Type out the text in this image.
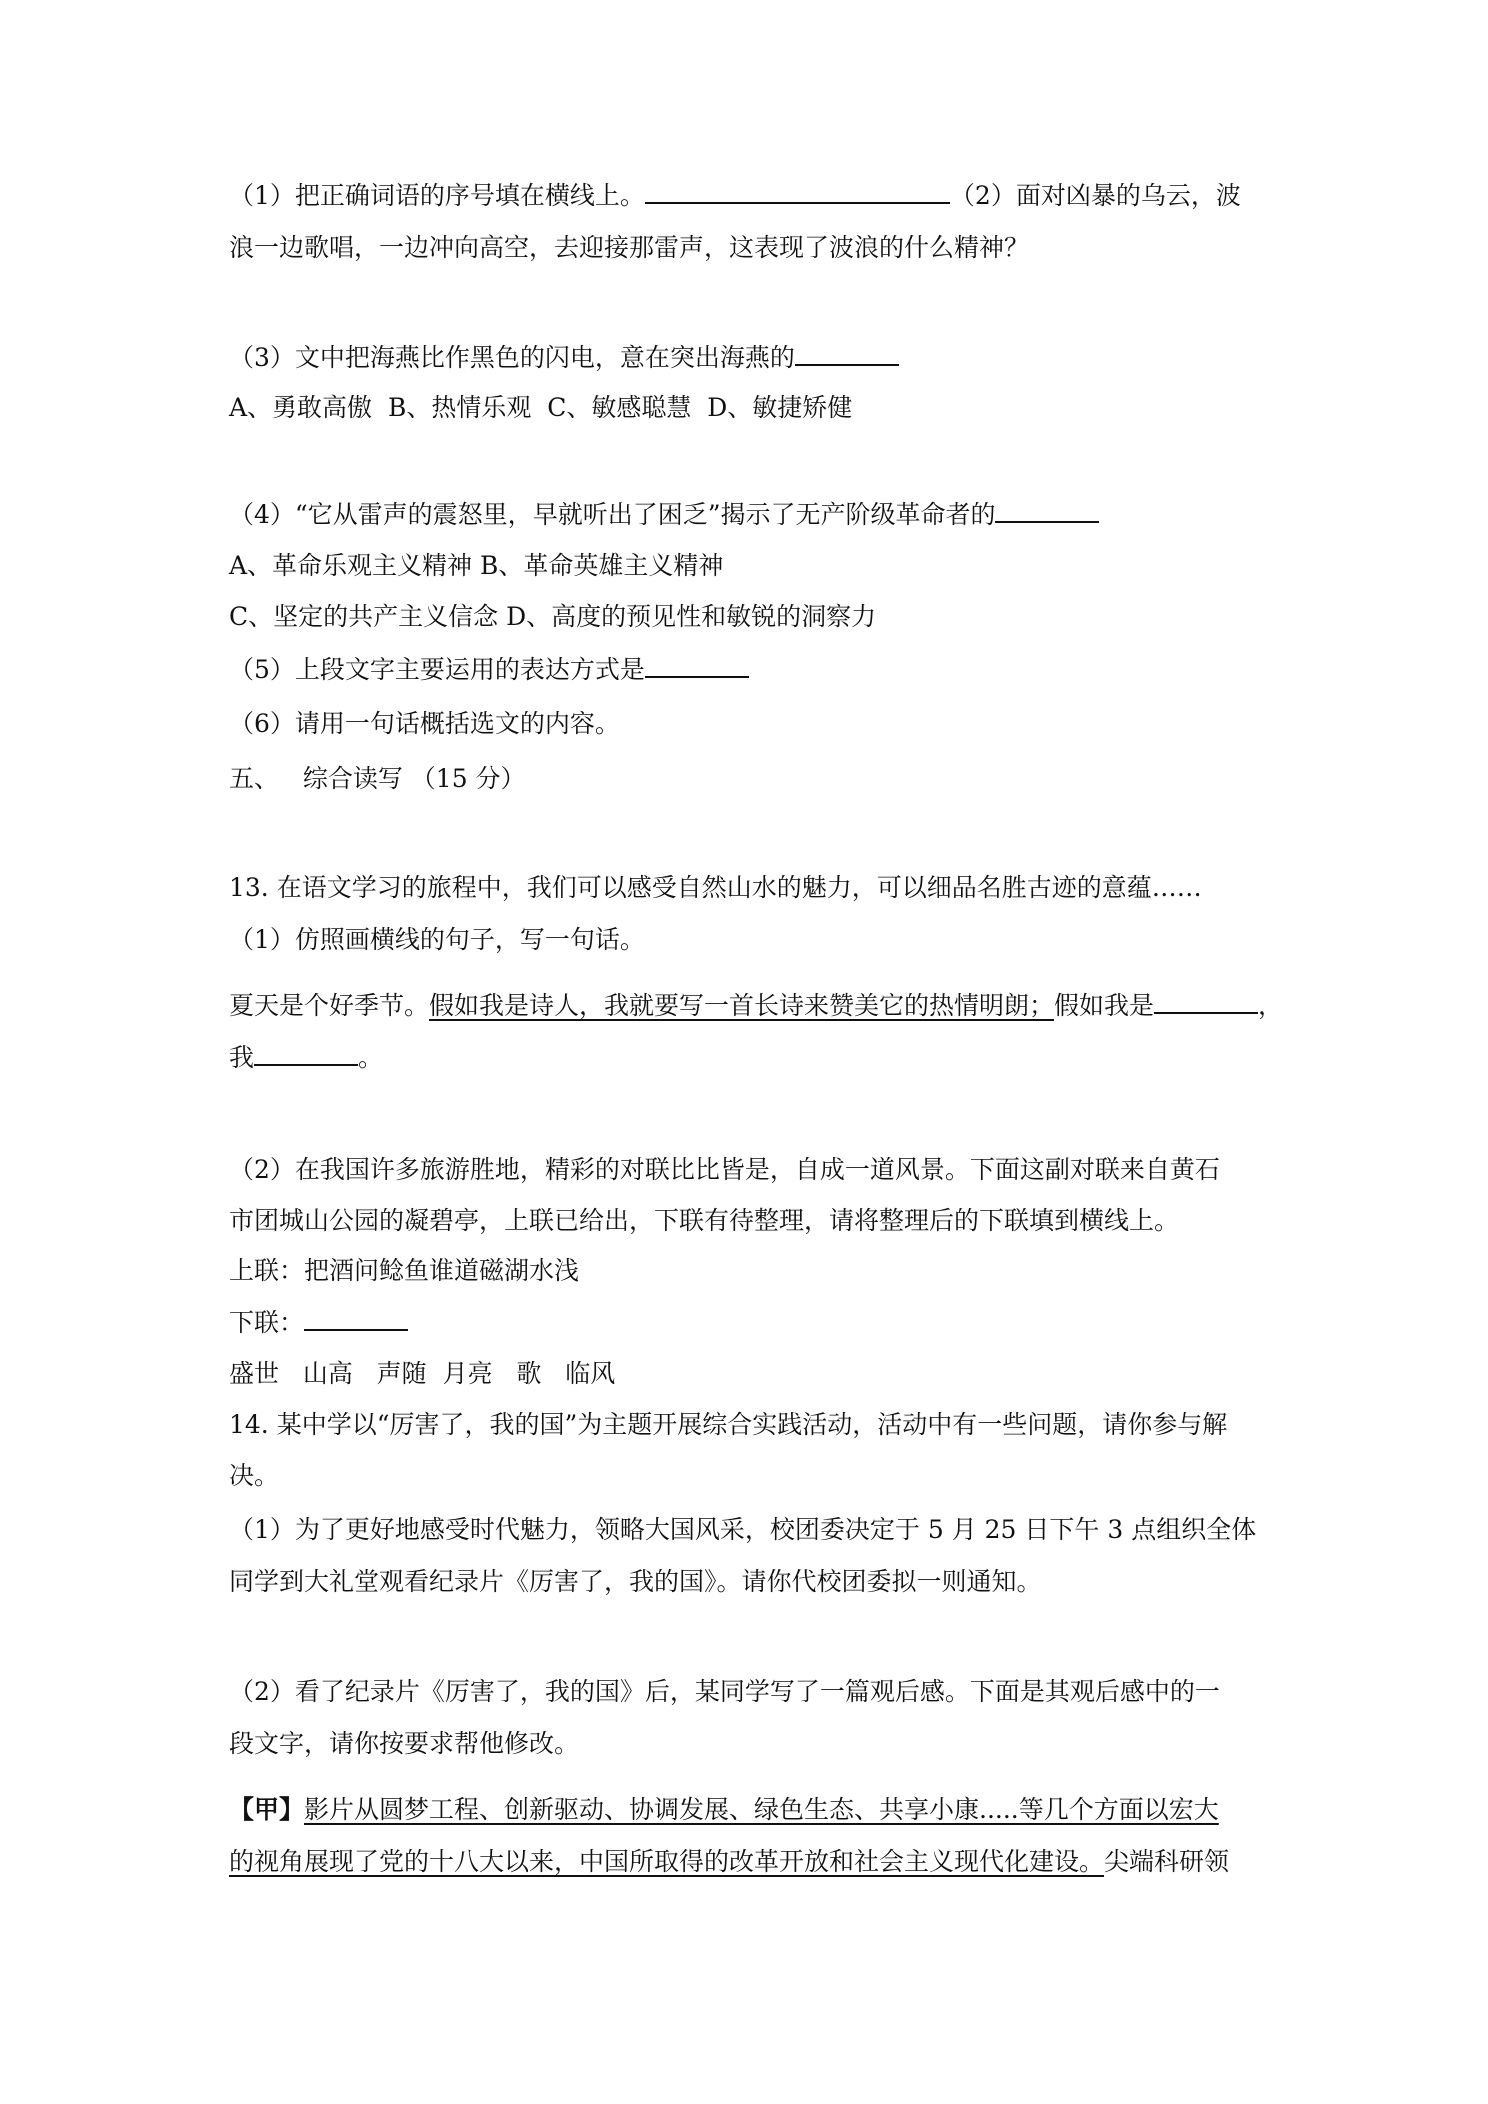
（1）把正确词语的序号填在横线上。	（2）面对凶暴的乌云，波
浪一边歌唱，一边冲向高空，去迎接那雷声，这表现了波浪的什么精神？
（3）文中把海燕比作黑色的闪电，意在突出海燕的
A、勇敢高傲  B、热情乐观  C、敏感聪慧  D、敏捷矫健
（4）“它从雷声的震怒里，早就听出了困乏”揭示了无产阶级革命者的
A、革命乐观主义精神 B、革命英雄主义精神
C、坚定的共产主义信念 D、高度的预见性和敏锐的洞察力
（5）上段文字主要运用的表达方式是
（6）请用一句话概括选文的内容。
五、   综合读写 （15 分）
13. 在语文学习的旅程中，我们可以感受自然山水的魅力，可以细品名胜古迹的意蕴……
（1）仿照画横线的句子，写一句话。
夏天是个好季节。假如我是诗人，我就要写一首长诗来赞美它的热情明朗；假如我是	，
我	。
（2）在我国许多旅游胜地，精彩的对联比比皆是，自成一道风景。下面这副对联来自黄石
市团城山公园的凝碧亭，上联已给出，下联有待整理，请将整理后的下联填到横线上。
上联：把酒问鲶鱼谁道磁湖水浅
下联：
盛世   山高   声随  月亮   歌   临风
14. 某中学以“厉害了，我的国”为主题开展综合实践活动，活动中有一些问题，请你参与解
决。
（1）为了更好地感受时代魅力，领略大国风采，校团委决定于 5 月 25 日下午 3 点组织全体
同学到大礼堂观看纪录片《厉害了，我的国》。请你代校团委拟一则通知。
（2）看了纪录片《厉害了，我的国》后，某同学写了一篇观后感。下面是其观后感中的一
段文字，请你按要求帮他修改。
【甲】影片从圆梦工程、创新驱动、协调发展、绿色生态、共享小康.....等几个方面以宏大
的视角展现了党的十八大以来，中国所取得的改革开放和社会主义现代化建设。尖端科研领
